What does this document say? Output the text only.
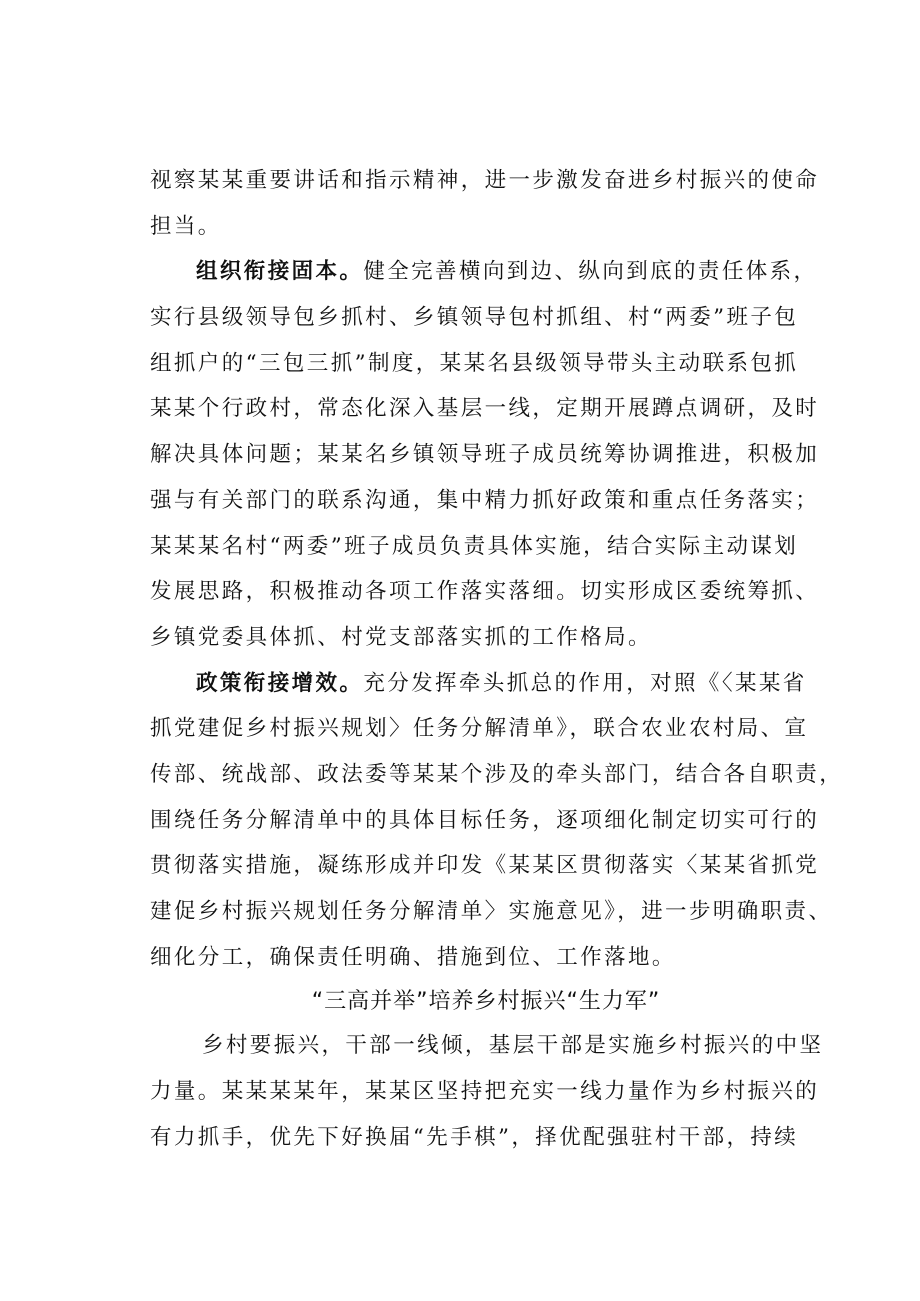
视察某某重要讲话和指示精神，进一步激发奋进乡村振兴的使命
担当。
组织衔接固本。健全完善横向到边、纵向到底的责任体系，
实行县级领导包乡抓村、乡镇领导包村抓组、村“两委”班子包
组抓户的“三包三抓”制度，某某名县级领导带头主动联系包抓
某某个行政村，常态化深入基层一线，定期开展蹲点调研，及时
解决具体问题；某某名乡镇领导班子成员统筹协调推进，积极加
强与有关部门的联系沟通，集中精力抓好政策和重点任务落实；
某某某名村“两委”班子成员负责具体实施，结合实际主动谋划
发展思路，积极推动各项工作落实落细。切实形成区委统筹抓、
乡镇党委具体抓、村党支部落实抓的工作格局。
政策衔接增效。充分发挥牵头抓总的作用，对照《〈某某省
抓党建促乡村振兴规划〉任务分解清单》，联合农业农村局、宣
传部、统战部、政法委等某某个涉及的牵头部门，结合各自职责，
围绕任务分解清单中的具体目标任务，逐项细化制定切实可行的
贯彻落实措施，凝练形成并印发《某某区贯彻落实〈某某省抓党
建促乡村振兴规划任务分解清单〉实施意见》，进一步明确职责、
细化分工，确保责任明确、措施到位、工作落地。
“三高并举”培养乡村振兴“生力军”
乡村要振兴，干部一线倾，基层干部是实施乡村振兴的中坚
力量。某某某某年，某某区坚持把充实一线力量作为乡村振兴的
有力抓手，优先下好换届“先手棋”，择优配强驻村干部，持续
